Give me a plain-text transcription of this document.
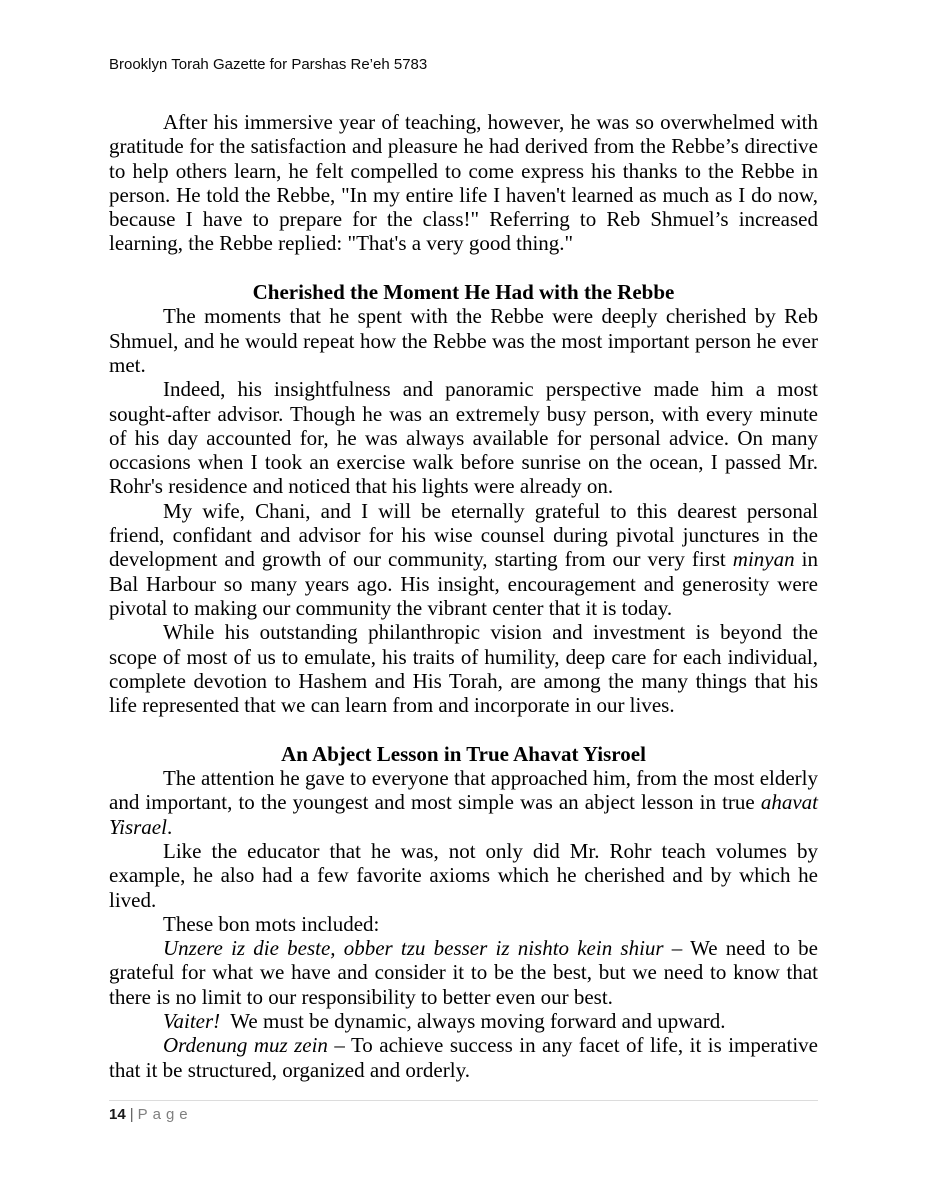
Brooklyn Torah Gazette for Parshas Re’eh 5783

After his immersive year of teaching, however, he was so overwhelmed with gratitude for the satisfaction and pleasure he had derived from the Rebbe’s directive to help others learn, he felt compelled to come express his thanks to the Rebbe in person. He told the Rebbe, "In my entire life I haven't learned as much as I do now, because I have to prepare for the class!" Referring to Reb Shmuel’s increased learning, the Rebbe replied: "That's a very good thing."

Cherished the Moment He Had with the Rebbe

The moments that he spent with the Rebbe were deeply cherished by Reb Shmuel, and he would repeat how the Rebbe was the most important person he ever met.

Indeed, his insightfulness and panoramic perspective made him a most sought-after advisor. Though he was an extremely busy person, with every minute of his day accounted for, he was always available for personal advice. On many occasions when I took an exercise walk before sunrise on the ocean, I passed Mr. Rohr's residence and noticed that his lights were already on.

My wife, Chani, and I will be eternally grateful to this dearest personal friend, confidant and advisor for his wise counsel during pivotal junctures in the development and growth of our community, starting from our very first minyan in Bal Harbour so many years ago. His insight, encouragement and generosity were pivotal to making our community the vibrant center that it is today.

While his outstanding philanthropic vision and investment is beyond the scope of most of us to emulate, his traits of humility, deep care for each individual, complete devotion to Hashem and His Torah, are among the many things that his life represented that we can learn from and incorporate in our lives.

An Abject Lesson in True Ahavat Yisroel

The attention he gave to everyone that approached him, from the most elderly and important, to the youngest and most simple was an abject lesson in true ahavat Yisrael.

Like the educator that he was, not only did Mr. Rohr teach volumes by example, he also had a few favorite axioms which he cherished and by which he lived.

These bon mots included:

Unzere iz die beste, obber tzu besser iz nishto kein shiur – We need to be grateful for what we have and consider it to be the best, but we need to know that there is no limit to our responsibility to better even our best.

Vaiter!  We must be dynamic, always moving forward and upward.

Ordenung muz zein – To achieve success in any facet of life, it is imperative that it be structured, organized and orderly.

14 | Page
